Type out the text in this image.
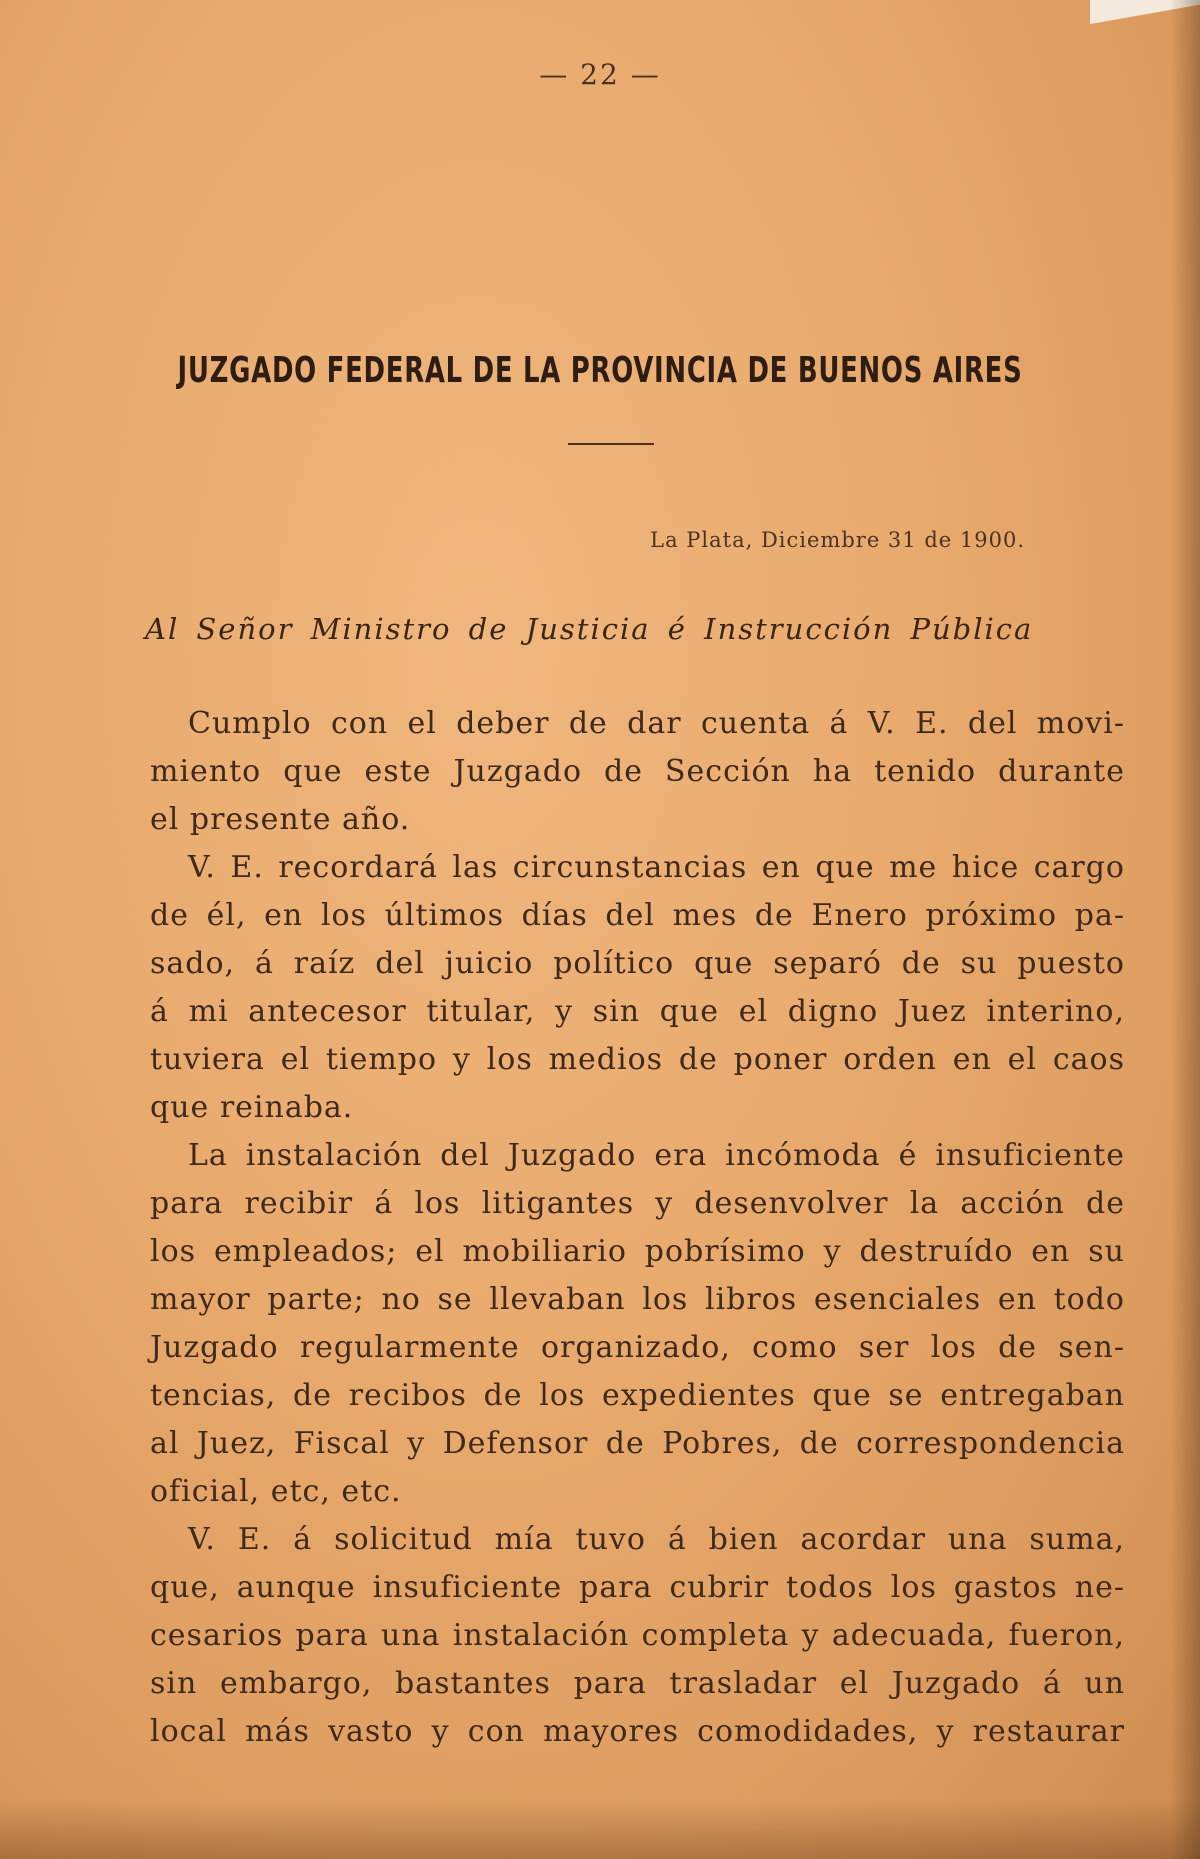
— 22 —
JUZGADO FEDERAL DE LA PROVINCIA DE BUENOS AIRES
La Plata, Diciembre 31 de 1900.
Al Señor Ministro de Justicia é Instrucción Pública
Cumplo con el deber de dar cuenta á V. E. del movi-
miento que este Juzgado de Sección ha tenido durante
el presente año.
V. E. recordará las circunstancias en que me hice cargo
de él, en los últimos días del mes de Enero próximo pa-
sado, á raíz del juicio político que separó de su puesto
á mi antecesor titular, y sin que el digno Juez interino,
tuviera el tiempo y los medios de poner orden en el caos
que reinaba.
La instalación del Juzgado era incómoda é insuficiente
para recibir á los litigantes y desenvolver la acción de
los empleados; el mobiliario pobrísimo y destruído en su
mayor parte; no se llevaban los libros esenciales en todo
Juzgado regularmente organizado, como ser los de sen-
tencias, de recibos de los expedientes que se entregaban
al Juez, Fiscal y Defensor de Pobres, de correspondencia
oficial, etc, etc.
V. E. á solicitud mía tuvo á bien acordar una suma,
que, aunque insuficiente para cubrir todos los gastos ne-
cesarios para una instalación completa y adecuada, fueron,
sin embargo, bastantes para trasladar el Juzgado á un
local más vasto y con mayores comodidades, y restaurar
